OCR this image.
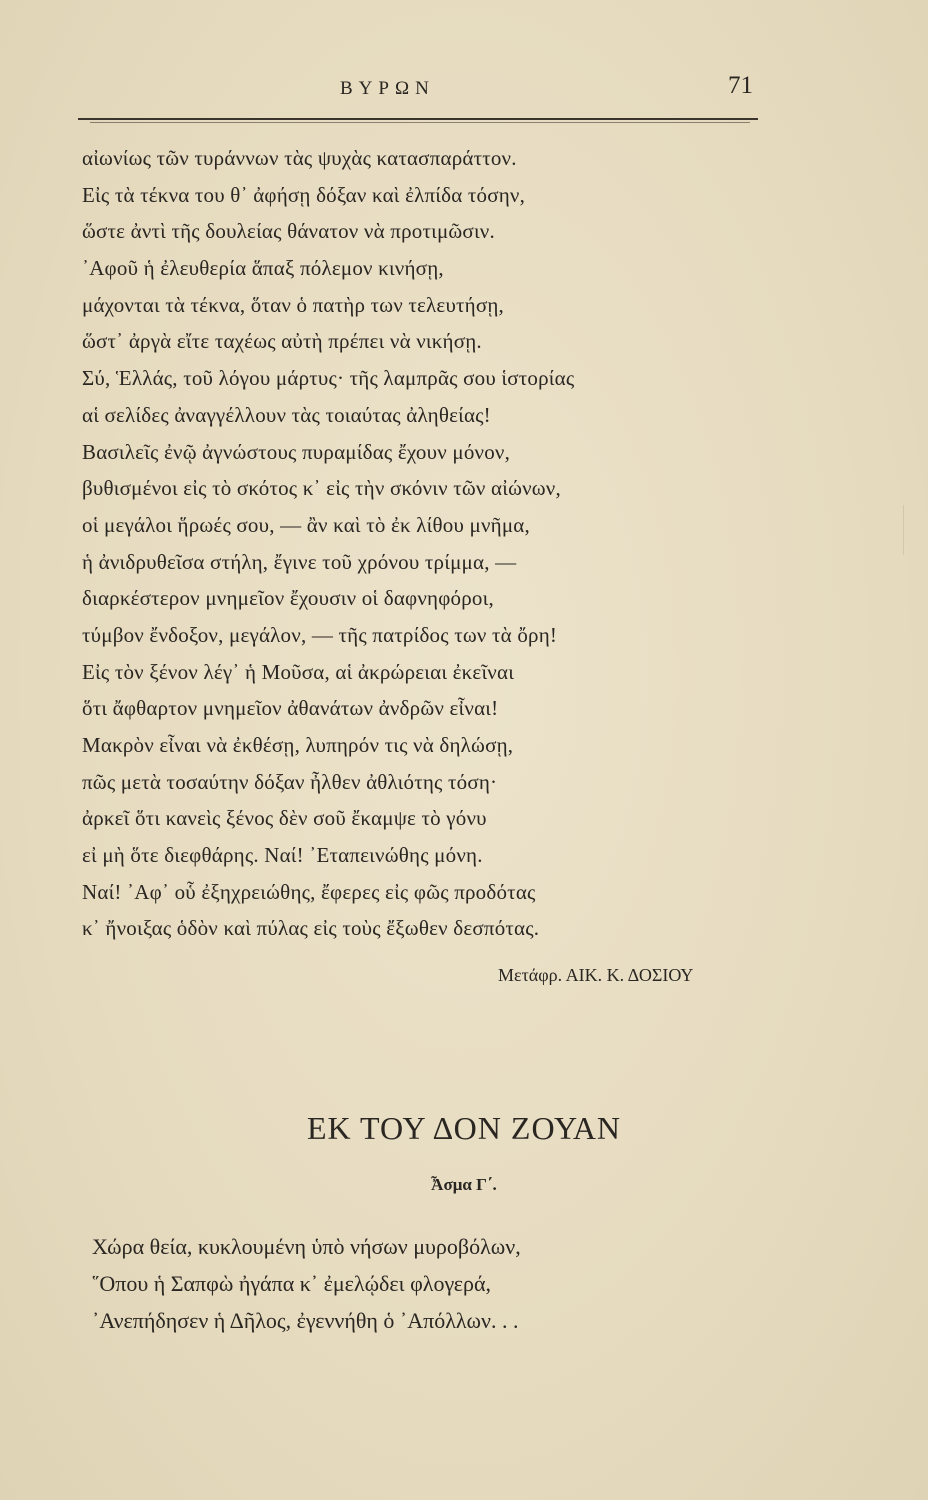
ΒΥΡΩΝ	71
αἰωνίως τῶν τυράννων τὰς ψυχὰς κατασπαράττον.
Εἰς τὰ τέκνα του θ᾽ ἀφήσῃ δόξαν καὶ ἐλπίδα τόσην,
ὥστε ἀντὶ τῆς δουλείας θάνατον νὰ προτιμῶσιν.
᾿Αφοῦ ἡ ἐλευθερία ἅπαξ πόλεμον κινήσῃ,
μάχονται τὰ τέκνα, ὅταν ὁ πατὴρ των τελευτήσῃ,
ὥστ᾽ ἀργὰ εἴτε ταχέως αὐτὴ πρέπει νὰ νικήσῃ.
Σύ, Ἑλλάς, τοῦ λόγου μάρτυς· τῆς λαμπρᾶς σου ἱστορίας
αἱ σελίδες ἀναγγέλλουν τὰς τοιαύτας ἀληθείας!
Βασιλεῖς ἐνῷ ἀγνώστους πυραμίδας ἔχουν μόνον,
βυθισμένοι εἰς τὸ σκότος κ᾽ εἰς τὴν σκόνιν τῶν αἰώνων,
οἱ μεγάλοι ἥρωές σου, — ἂν καὶ τὸ ἐκ λίθου μνῆμα,
ἡ ἀνιδρυθεῖσα στήλη, ἔγινε τοῦ χρόνου τρίμμα, —
διαρκέστερον μνημεῖον ἔχουσιν οἱ δαφνηφόροι,
τύμβον ἔνδοξον, μεγάλον, — τῆς πατρίδος των τὰ ὄρη!
Εἰς τὸν ξένον λέγ᾽ ἡ Μοῦσα, αἱ ἀκρώρειαι ἐκεῖναι
ὅτι ἄφθαρτον μνημεῖον ἀθανάτων ἀνδρῶν εἶναι!
Μακρὸν εἶναι νὰ ἐκθέσῃ, λυπηρόν τις νὰ δηλώσῃ,
πῶς μετὰ τοσαύτην δόξαν ἦλθεν ἀθλιότης τόση·
ἀρκεῖ ὅτι κανεὶς ξένος δὲν σοῦ ἔκαμψε τὸ γόνυ
εἰ μὴ ὅτε διεφθάρης. Ναί! ᾿Εταπεινώθης μόνη.
Ναί! ᾿Αφ᾽ οὗ ἐξηχρειώθης, ἔφερες εἰς φῶς προδότας
κ᾽ ἤνοιξας ὁδὸν καὶ πύλας εἰς τοὺς ἔξωθεν δεσπότας.
Μετάφρ. ΑΙΚ. Κ. ΔΟΣΙΟΥ
ΕΚ ΤΟΥ ΔΟΝ ΖΟΥΑΝ
Ἆσμα Γ΄.
Χώρα θεία, κυκλουμένη ὑπὸ νήσων μυροβόλων,
῞Οπου ἡ Σαπφὼ ἠγάπα κ᾽ ἐμελῴδει φλογερά,
᾿Ανεπήδησεν ἡ Δῆλος, ἐγεννήθη ὁ ᾿Απόλλων. . .
